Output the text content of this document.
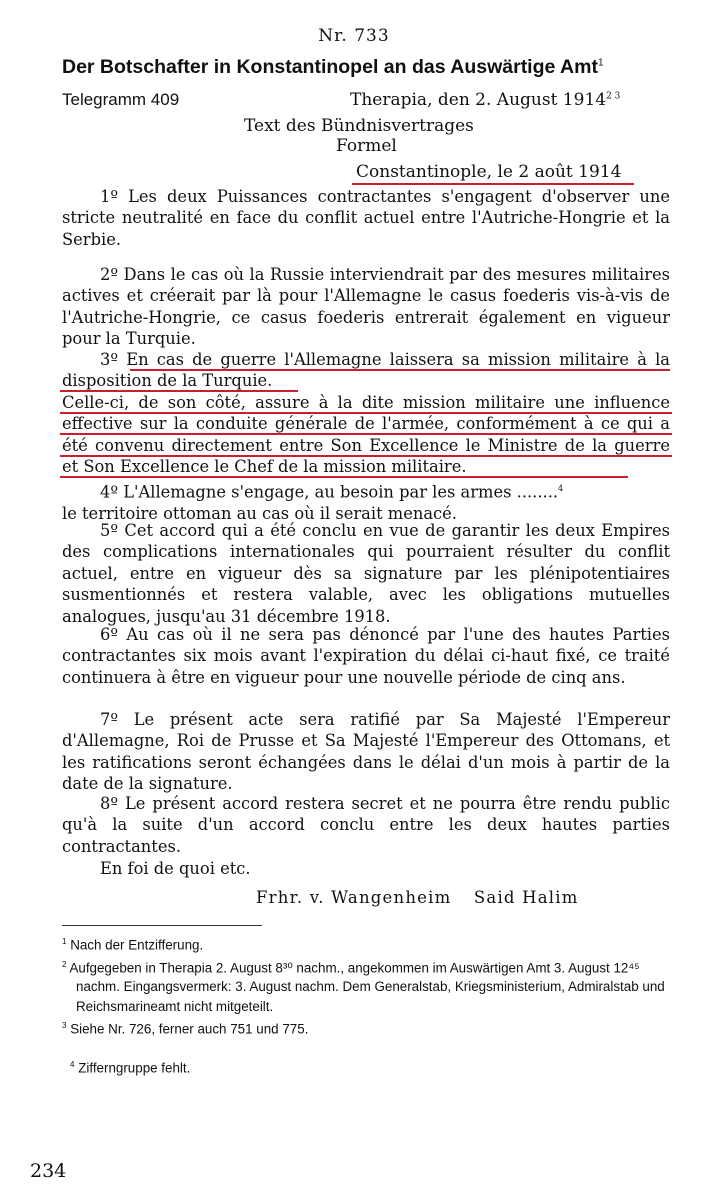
Nr. 733
Der Botschafter in Konstantinopel an das Auswärtige Amt$^1$
Telegramm 409	Therapia, den 2. August $1914^{2 3}$
Text des Bündnisvertrages
Formel
Constantinople, le 2 août 1914

1º Les deux Puissances contractantes s'engagent d'observer une stricte neutralité en face du conflit actuel entre l'Autriche-Hongrie et la Serbie.

2º Dans le cas où la Russie interviendrait par des mesures militaires actives et créerait par là pour l'Allemagne le casus foederis vis-à-vis de l'Autriche-Hongrie, ce casus foederis entrerait également en vigueur pour la Turquie.

3º En cas de guerre l'Allemagne laissera sa mission militaire à la disposition de la Turquie.

Celle-ci, de son côté, assure à la dite mission militaire une influence effective sur la conduite générale de l'armée, conformément à ce qui a été convenu directement entre Son Excellence le Ministre de la guerre et Son Excellence le Chef de la mission militaire.

4º L'Allemagne s'engage, au besoin par les armes ........$^4$

le territoire ottoman au cas où il serait menacé.

5º Cet accord qui a été conclu en vue de garantir les deux Empires des complications internationales qui pourraient résulter du conflit actuel, entre en vigueur dès sa signature par les plénipotentiaires susmentionnés et restera valable, avec les obligations mutuelles analogues, jusqu'au 31 décembre 1918.

6º Au cas où il ne sera pas dénoncé par l'une des hautes Parties contractantes six mois avant l'expiration du délai ci-haut fixé, ce traité continuera à être en vigueur pour une nouvelle période de cinq ans.

7º Le présent acte sera ratifié par Sa Majesté l'Empereur d'Allemagne, Roi de Prusse et Sa Majesté l'Empereur des Ottomans, et les ratifications seront échangées dans le délai d'un mois à partir de la date de la signature.

8º Le présent accord restera secret et ne pourra être rendu public qu'à la suite d'un accord conclu entre les deux hautes parties contractantes.

En foi de quoi etc.

Frhr. v. Wangenheim Said Halim
$^1$ Nach der Entzifferung.
$^2$ Aufgegeben in Therapia 2. August 8³⁰ nachm., angekommen im Auswärtigen Amt 3. August 12⁴⁵ nachm. Eingangsvermerk: 3. August nachm. Dem Generalstab, Kriegsministerium, Admiralstab und Reichsmarineamt nicht mitgeteilt.
$^3$ Siehe Nr. 726, ferner auch 751 und 775.
$^4$ Zifferngruppe fehlt.
234
